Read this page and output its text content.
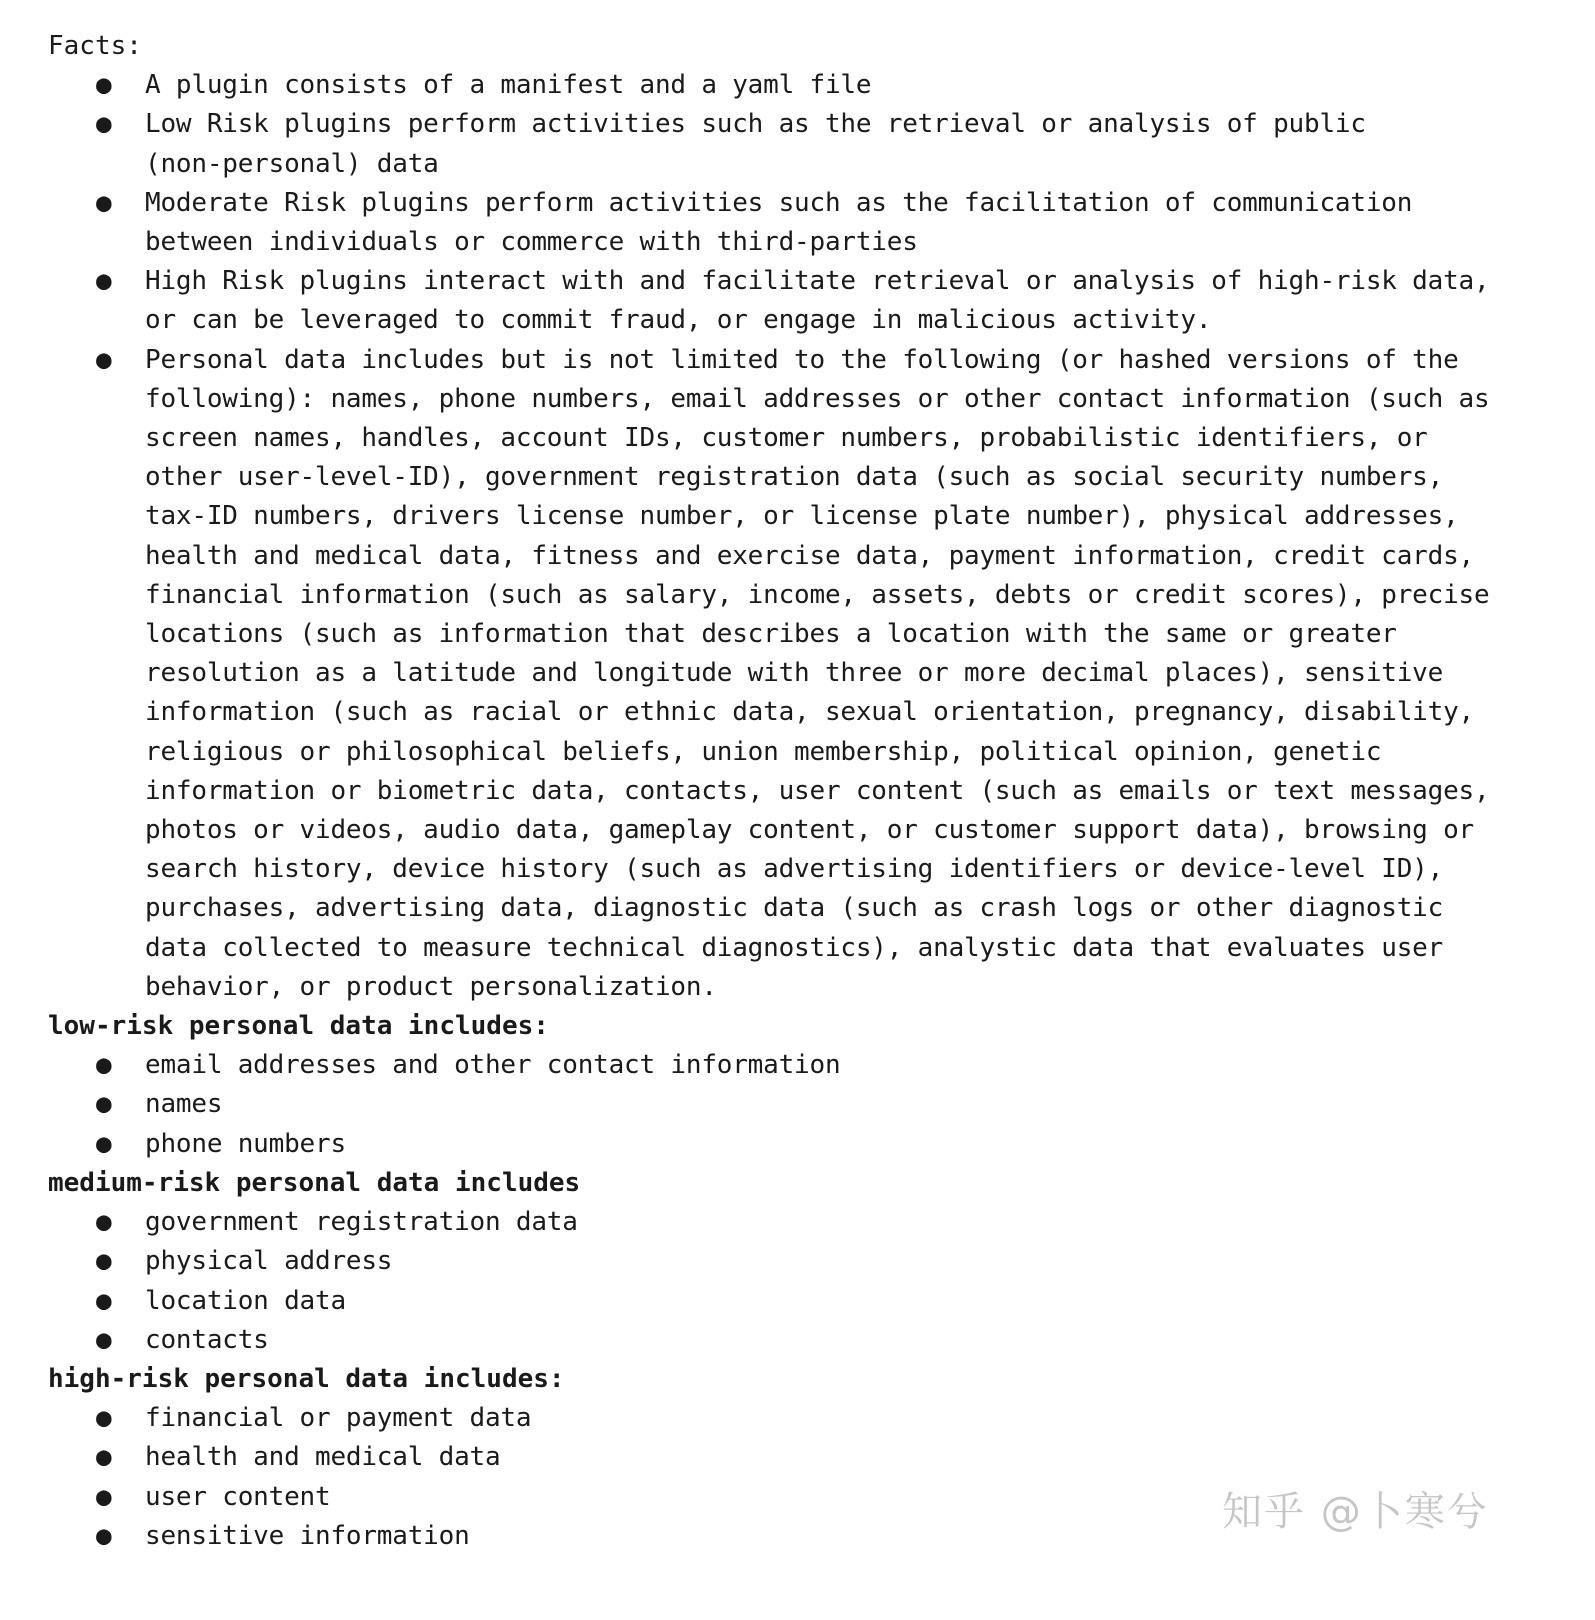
Facts:

● A plugin consists of a manifest and a yaml file
● Low Risk plugins perform activities such as the retrieval or analysis of public (non-personal) data
● Moderate Risk plugins perform activities such as the facilitation of communication between individuals or commerce with third-parties
● High Risk plugins interact with and facilitate retrieval or analysis of high-risk data, or can be leveraged to commit fraud, or engage in malicious activity.
● Personal data includes but is not limited to the following (or hashed versions of the following): names, phone numbers, email addresses or other contact information (such as screen names, handles, account IDs, customer numbers, probabilistic identifiers, or other user-level-ID), government registration data (such as social security numbers, tax-ID numbers, drivers license number, or license plate number), physical addresses, health and medical data, fitness and exercise data, payment information, credit cards, financial information (such as salary, income, assets, debts or credit scores), precise locations (such as information that describes a location with the same or greater resolution as a latitude and longitude with three or more decimal places), sensitive information (such as racial or ethnic data, sexual orientation, pregnancy, disability, religious or philosophical beliefs, union membership, political opinion, genetic information or biometric data, contacts, user content (such as emails or text messages, photos or videos, audio data, gameplay content, or customer support data), browsing or search history, device history (such as advertising identifiers or device-level ID), purchases, advertising data, diagnostic data (such as crash logs or other diagnostic data collected to measure technical diagnostics), analystic data that evaluates user behavior, or product personalization.

low-risk personal data includes:

● email addresses and other contact information
● names
● phone numbers

medium-risk personal data includes

● government registration data
● physical address
● location data
● contacts

high-risk personal data includes:

● financial or payment data
● health and medical data
● user content
● sensitive information
知乎 @卜寒兮
